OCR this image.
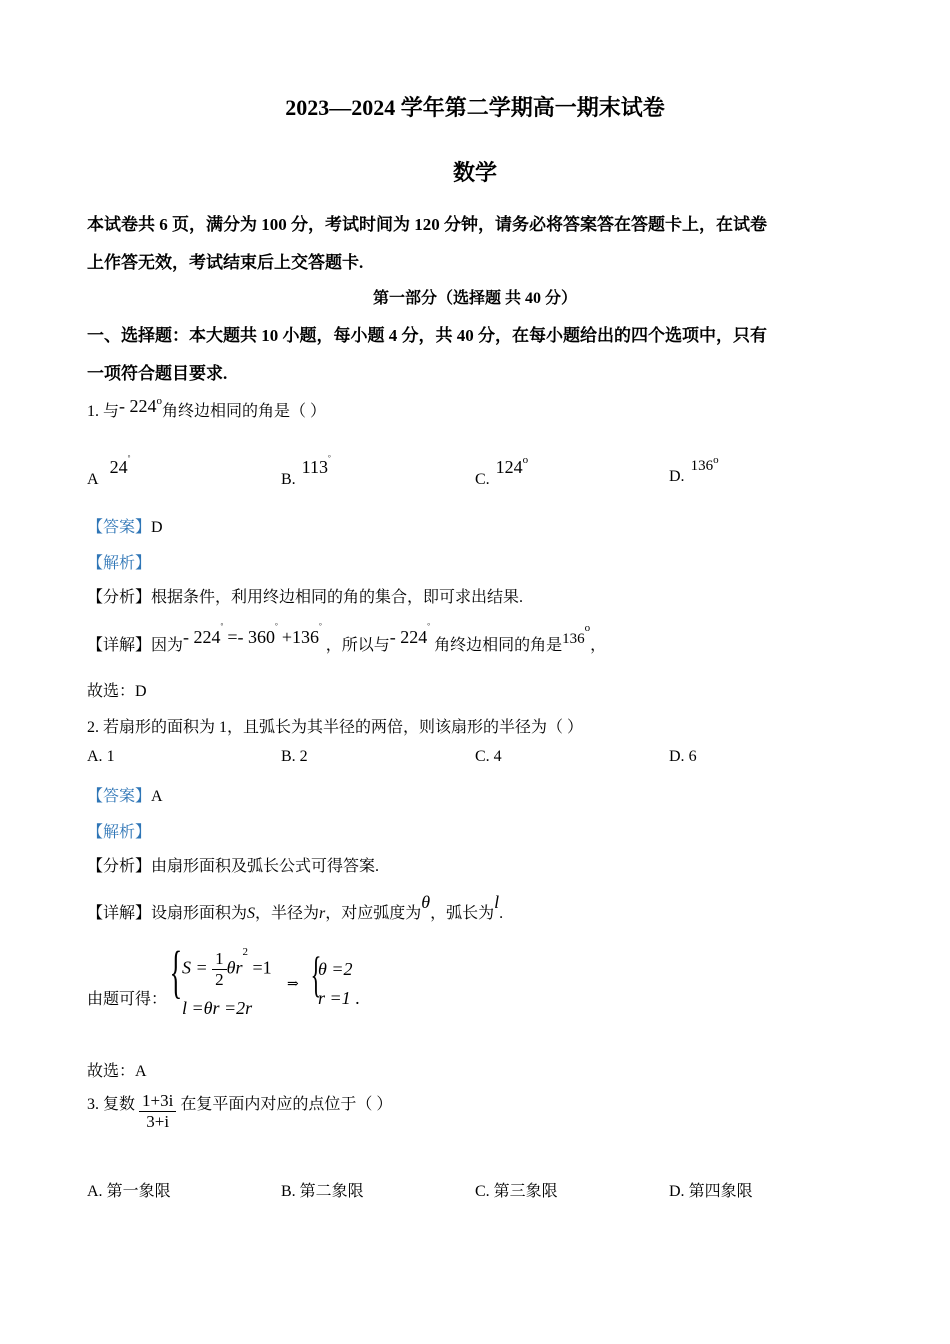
2023—2024 学年第二学期高一期末试卷
数学
本试卷共 6 页，满分为 100 分，考试时间为 120 分钟，请务必将答案答在答题卡上，在试卷
上作答无效，考试结束后上交答题卡.
第一部分（选择题 共 40 分）
一、选择题：本大题共 10 小题，每小题 4 分，共 40 分，在每小题给出的四个选项中，只有
一项符合题目要求.
1. 与- 224$^o$角终边相同的角是（ ）
A 24°
B. 113°
C. 124$^o$
D. 136$^o$
【答案】D
【解析】
【分析】根据条件，利用终边相同的角的集合，即可求出结果.
【详解】因为- 224° =- 360° +136° ，所以与- 224° 角终边相同的角是136$^o$，
故选：D
2. 若扇形的面积为 1，且弧长为其半径的两倍，则该扇形的半径为（ ）
A. 1	B. 2	C. 4	D. 6
【答案】A
【解析】
【分析】由扇形面积及弧长公式可得答案.
【详解】设扇形面积为S，半径为r，对应弧度为θ，弧长为l.
由题可得： { $S = \frac{1}{2} \theta r^2 =1$
l =θr =2r
⇒ {
θ =2
r =1 .
故选：A
3. 复数 $\frac{1+3i}{3+i}$ 在复平面内对应的点位于（ ）
A. 第一象限	B. 第二象限	C. 第三象限	D. 第四象限
